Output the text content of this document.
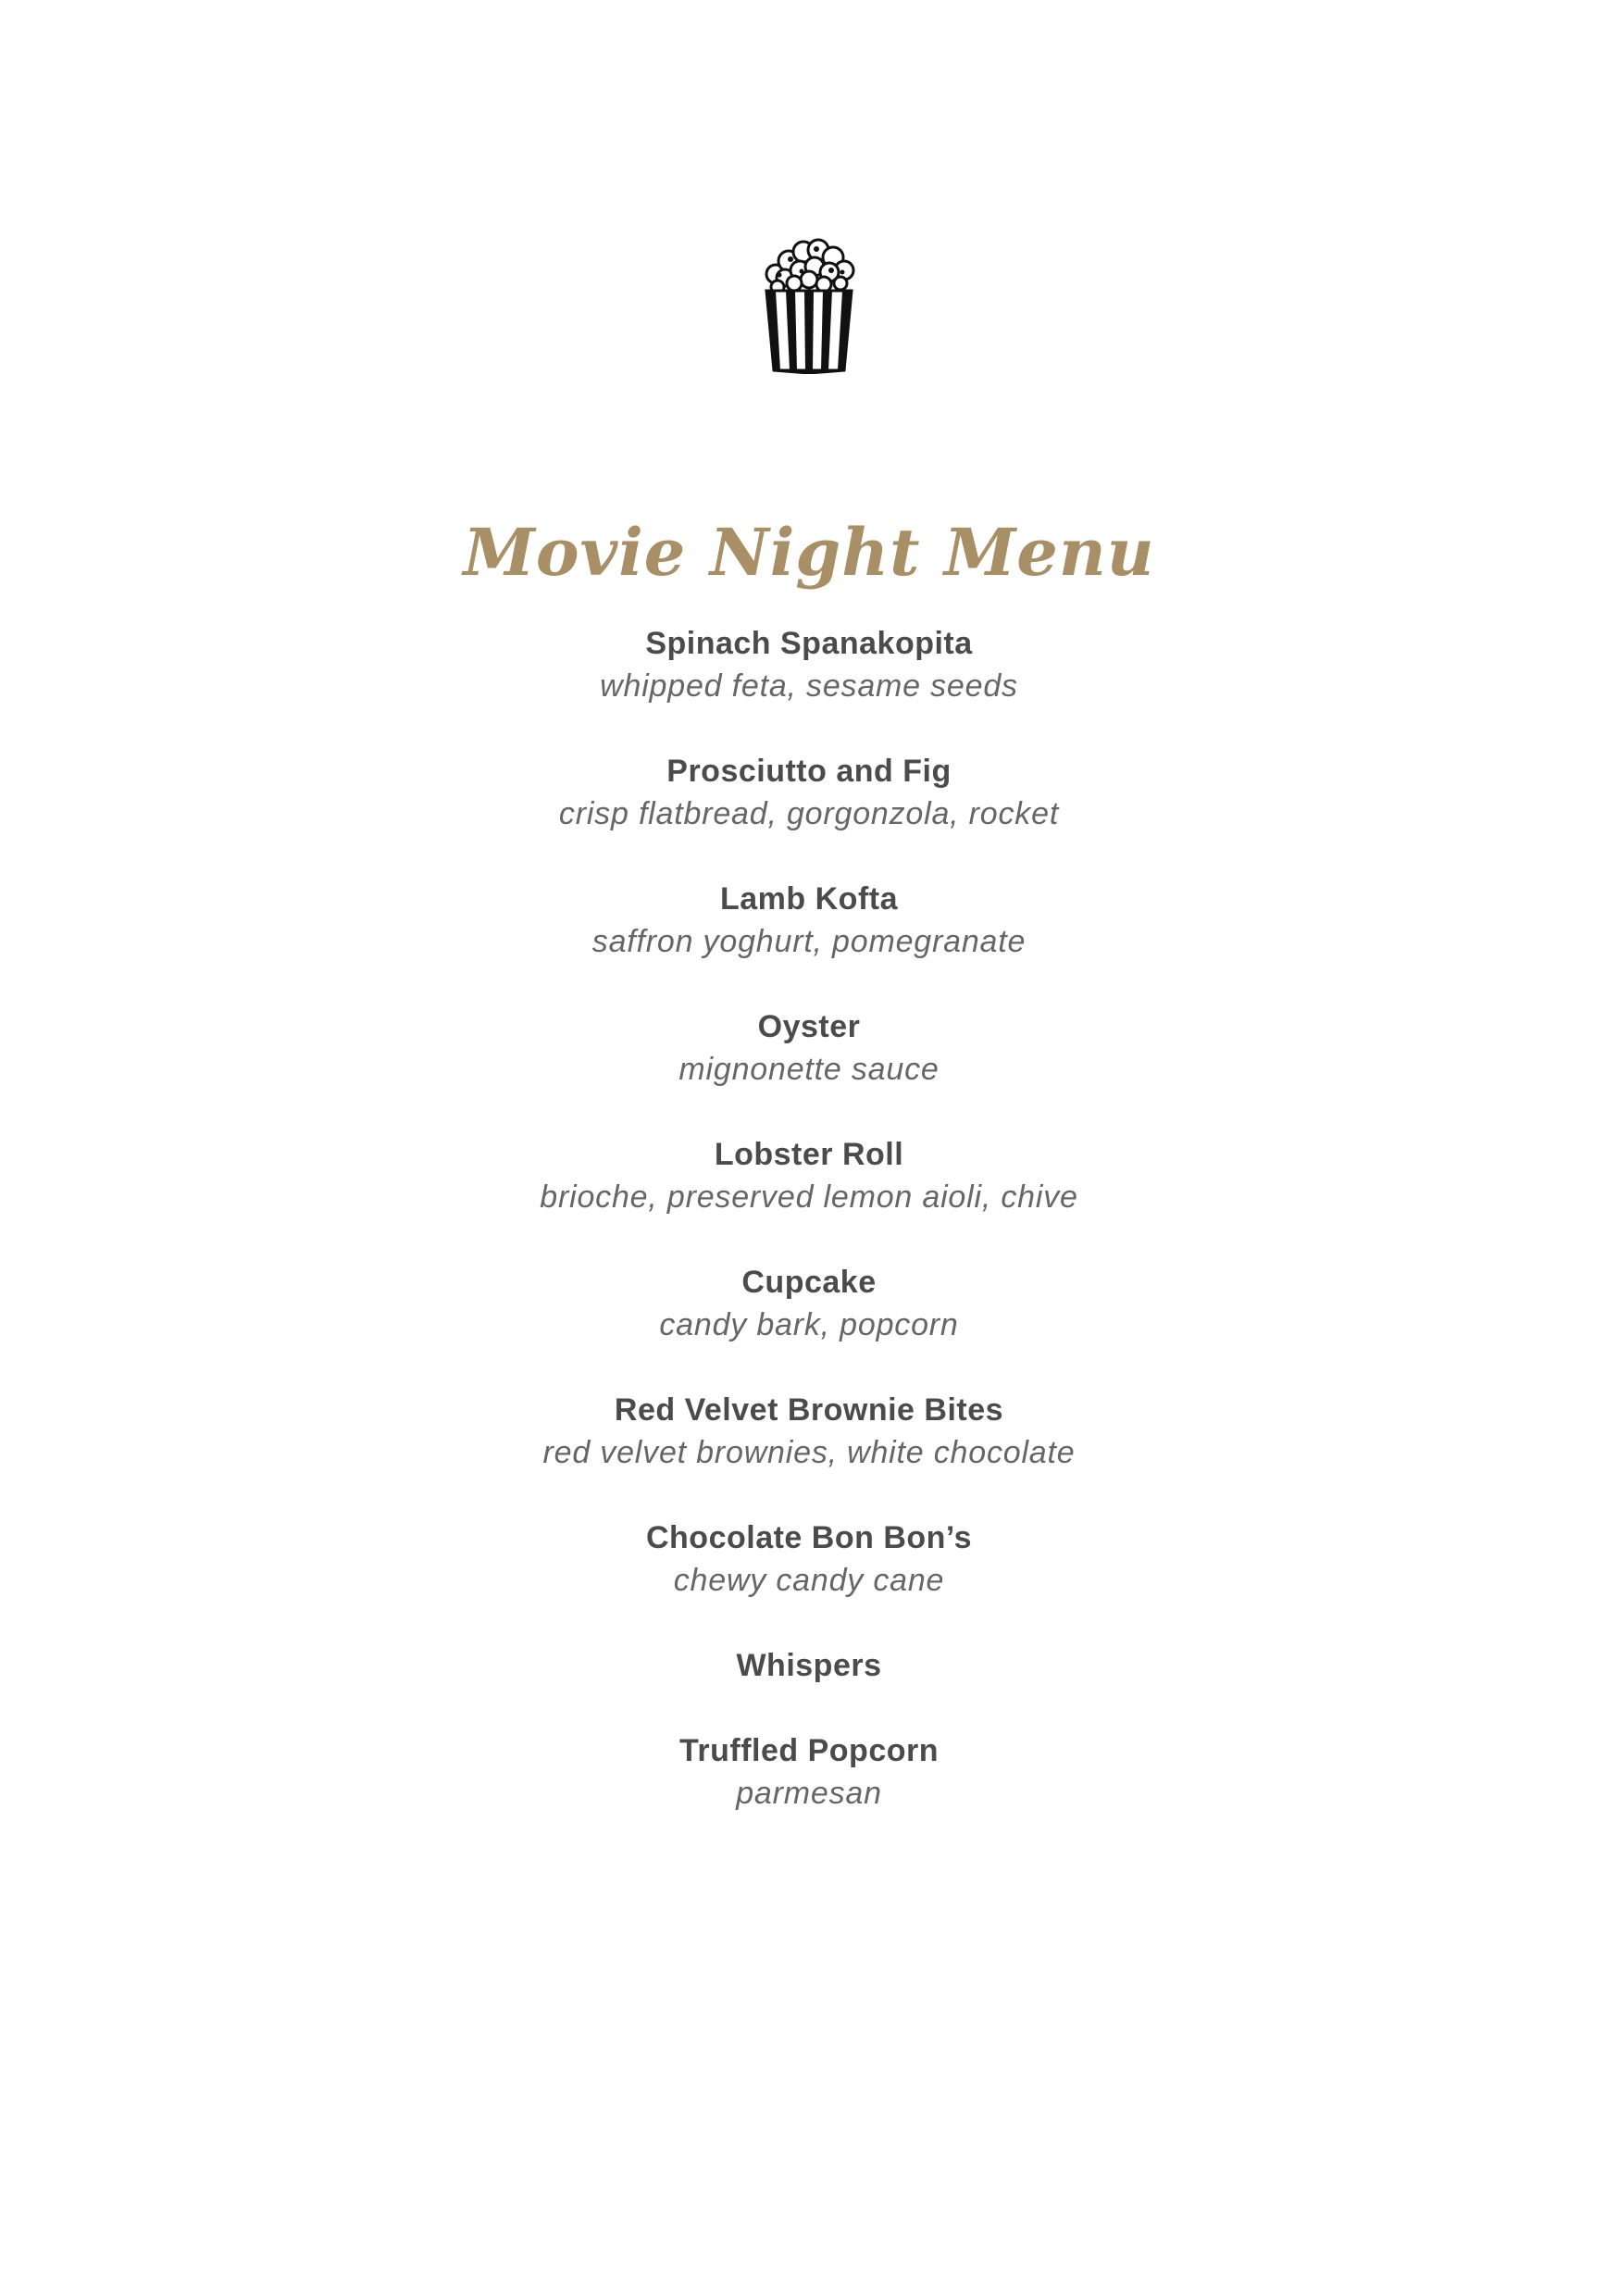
Movie Night Menu
Spinach Spanakopita
whipped feta, sesame seeds
Prosciutto and Fig
crisp flatbread, gorgonzola, rocket
Lamb Kofta
saffron yoghurt, pomegranate
Oyster
mignonette sauce
Lobster Roll
brioche, preserved lemon aioli, chive
Cupcake
candy bark, popcorn
Red Velvet Brownie Bites
red velvet brownies, white chocolate
Chocolate Bon Bon’s
chewy candy cane
Whispers
Truffled Popcorn
parmesan
